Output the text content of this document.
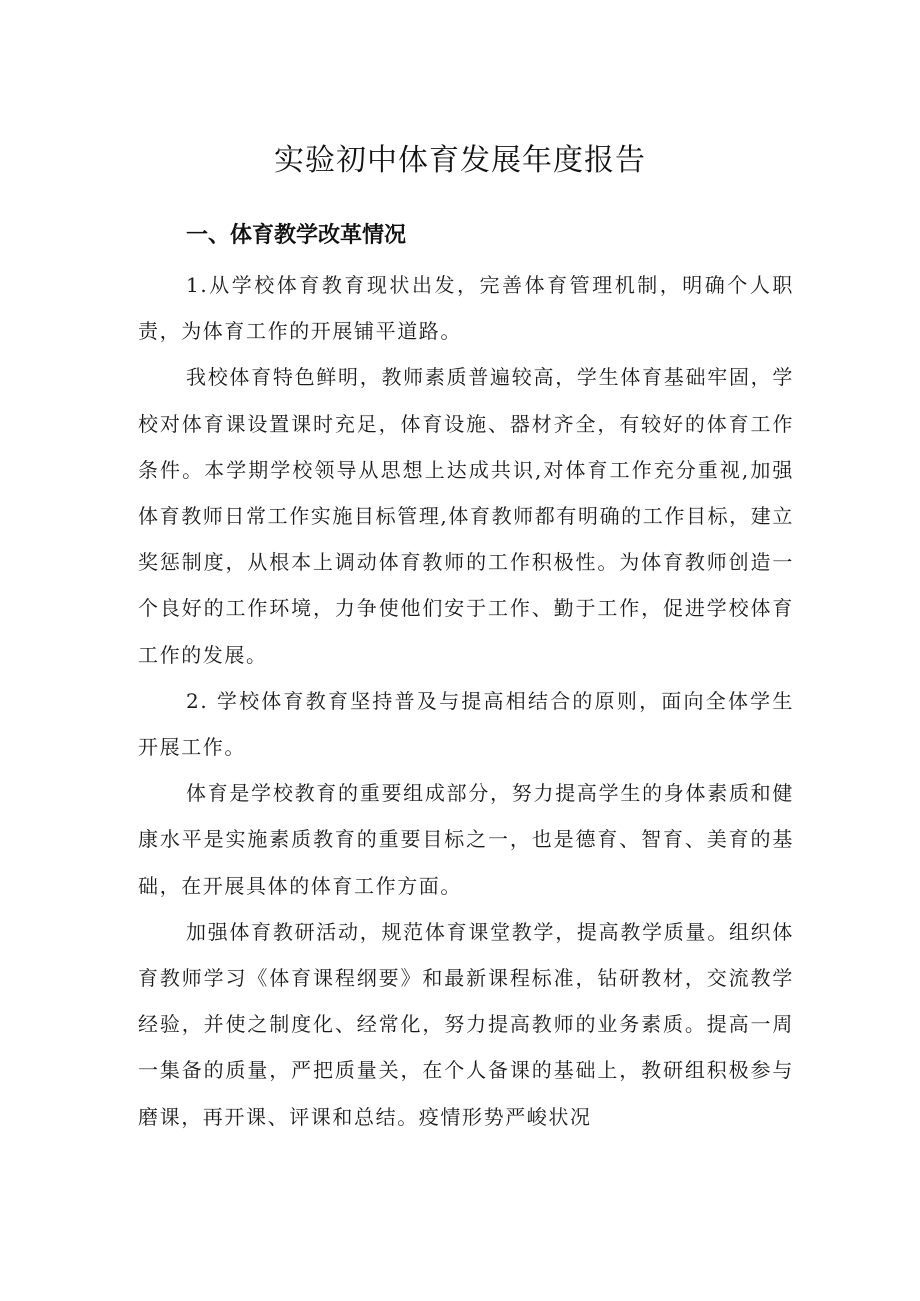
实验初中体育发展年度报告
一、体育教学改革情况

1.从学校体育教育现状出发，完善体育管理机制，明确个人职责，为体育工作的开展铺平道路。

我校体育特色鲜明，教师素质普遍较高，学生体育基础牢固，学校对体育课设置课时充足，体育设施、器材齐全，有较好的体育工作条件。本学期学校领导从思想上达成共识,对体育工作充分重视,加强体育教师日常工作实施目标管理,体育教师都有明确的工作目标，建立奖惩制度，从根本上调动体育教师的工作积极性。为体育教师创造一个良好的工作环境，力争使他们安于工作、勤于工作，促进学校体育工作的发展。

2. 学校体育教育坚持普及与提高相结合的原则，面向全体学生开展工作。

体育是学校教育的重要组成部分，努力提高学生的身体素质和健康水平是实施素质教育的重要目标之一，也是德育、智育、美育的基础，在开展具体的体育工作方面。

加强体育教研活动，规范体育课堂教学，提高教学质量。组织体育教师学习《体育课程纲要》和最新课程标准，钻研教材，交流教学经验，并使之制度化、经常化，努力提高教师的业务素质。提高一周一集备的质量，严把质量关，在个人备课的基础上，教研组积极参与磨课，再开课、评课和总结。疫情形势严峻状况
